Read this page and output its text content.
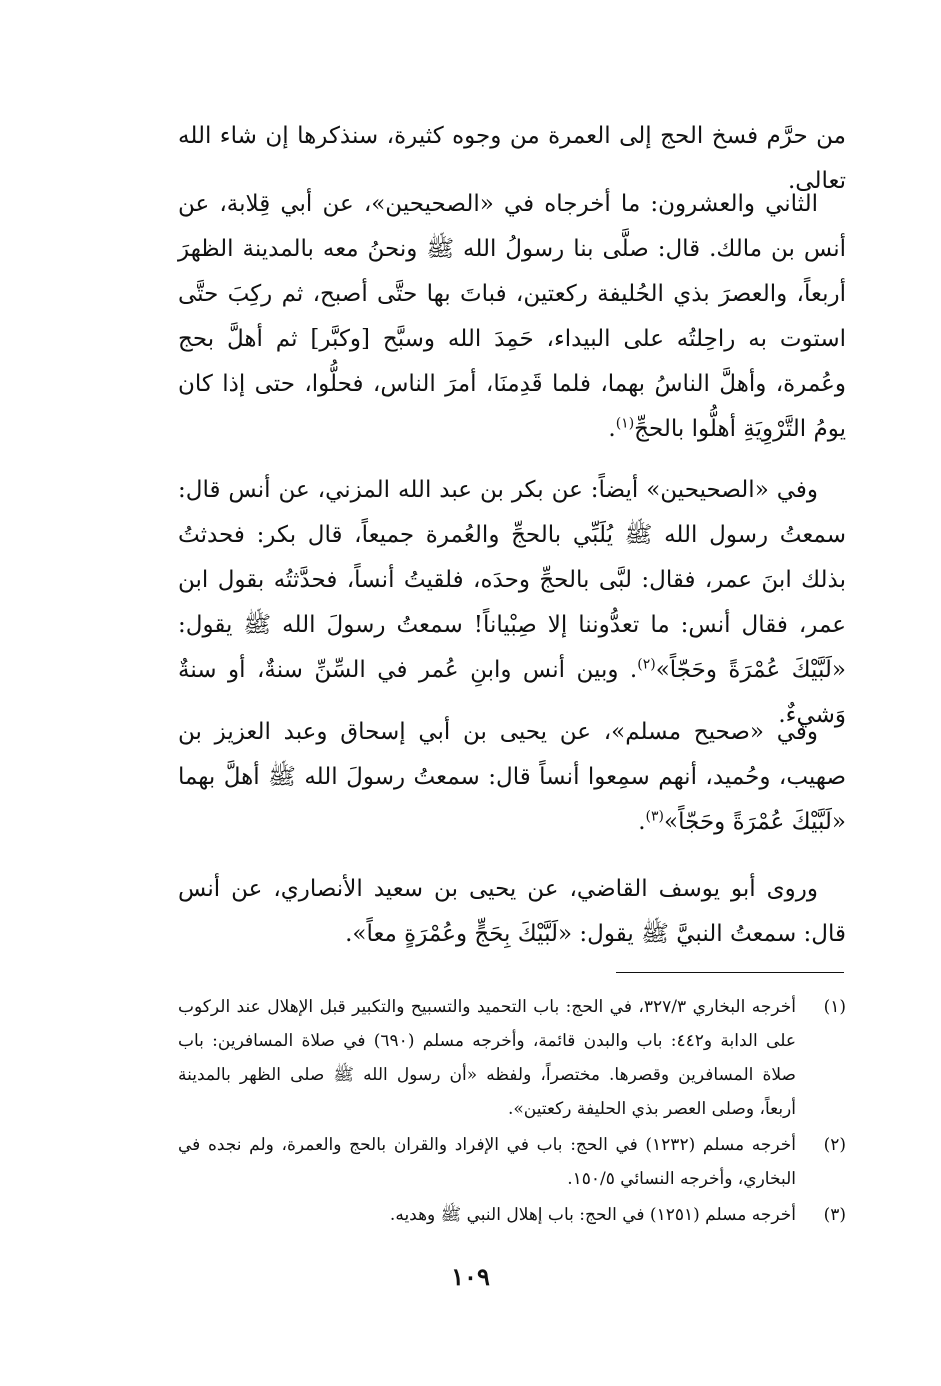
من حرَّم فسخ الحج إلى العمرة من وجوه كثيرة، سنذكرها إن شاء الله تعالى.

الثاني والعشرون: ما أخرجاه في «الصحيحين»، عن أبي قِلابة، عن أنس بن مالك. قال: صلَّى بنا رسولُ الله ﷺ ونحنُ معه بالمدينة الظهرَ أربعاً، والعصرَ بذي الحُليفة ركعتين، فباتَ بها حتَّى أصبح، ثم ركِبَ حتَّى استوت به راحِلتُه على البيداء، حَمِدَ الله وسبَّح [وكبَّر] ثم أهلَّ بحج وعُمرة، وأهلَّ الناسُ بهما، فلما قَدِمنَا، أمرَ الناس، فحلُّوا، حتى إذا كان يومُ التَّرْوِيَةِ أهلُّوا بالحجِّ$^{(١)}$.

وفي «الصحيحين» أيضاً: عن بكر بن عبد الله المزني، عن أنس قال: سمعتُ رسول الله ﷺ يُلَبِّي بالحجِّ والعُمرة جميعاً، قال بكر: فحدثتُ بذلك ابنَ عمر، فقال: لبَّى بالحجِّ وحدَه، فلقيتُ أنساً، فحدَّثتُه بقول ابن عمر، فقال أنس: ما تعدُّوننا إلا صِبْياناً! سمعتُ رسولَ الله ﷺ يقول: «لَبَّيْكَ عُمْرَةً وحَجّاً»$^{(٢)}$. وبين أنس وابنِ عُمر في السِّنِّ سنةٌ، أو سنةٌ وَشيءٌ.

وفي «صحيح مسلم»، عن يحيى بن أبي إسحاق وعبد العزيز بن صهيب، وحُميد، أنهم سمِعوا أنساً قال: سمعتُ رسولَ الله ﷺ أهلَّ بهما «لَبَّيْكَ عُمْرَةً وحَجّاً»$^{(٣)}$.

وروى أبو يوسف القاضي، عن يحيى بن سعيد الأنصاري، عن أنس قال: سمعتُ النبيَّ ﷺ يقول: «لَبَّيْكَ بِحَجٍّ وعُمْرَةٍ معاً».

(١)
أخرجه البخاري ٣٢٧/٣، في الحج: باب التحميد والتسبيح والتكبير قبل الإهلال عند الركوب على الدابة و٤٤٢: باب والبدن قائمة، وأخرجه مسلم (٦٩٠) في صلاة المسافرين: باب صلاة المسافرين وقصرها. مختصراً، ولفظه «أن رسول الله ﷺ صلى الظهر بالمدينة أربعاً، وصلى العصر بذي الحليفة ركعتين».
(٢)
أخرجه مسلم (١٢٣٢) في الحج: باب في الإفراد والقران بالحج والعمرة، ولم نجده في البخاري، وأخرجه النسائي ١٥٠/٥.
(٣)
أخرجه مسلم (١٢٥١) في الحج: باب إهلال النبي ﷺ وهديه.
١٠٩
